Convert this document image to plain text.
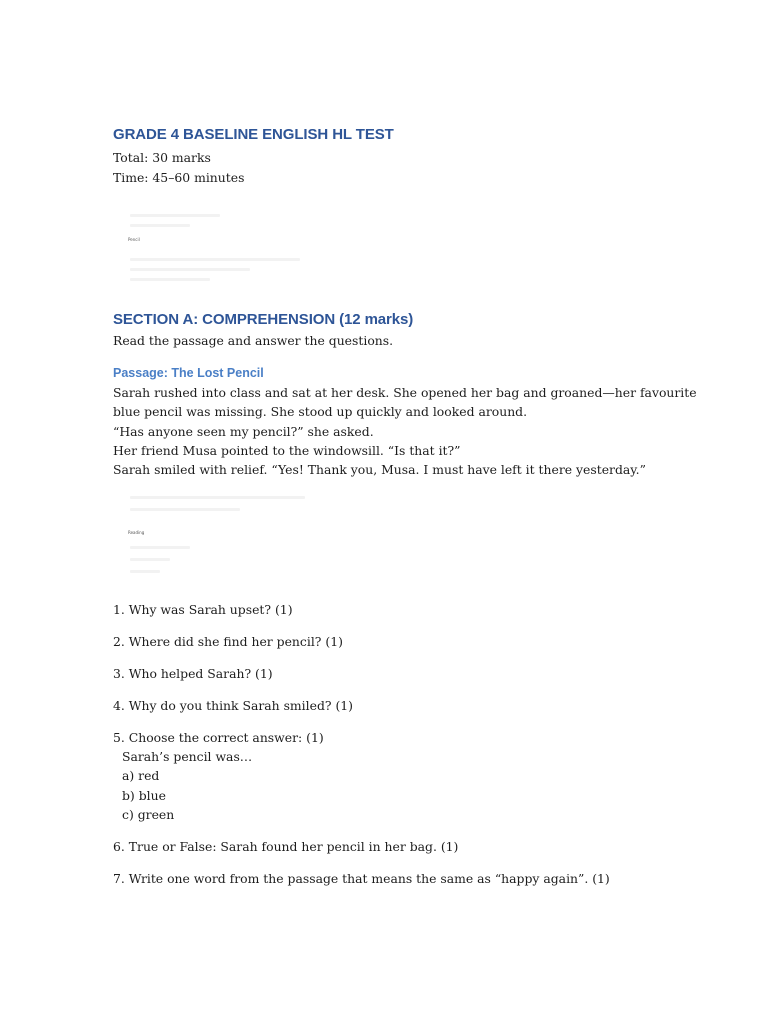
GRADE 4 BASELINE ENGLISH HL TEST
Total: 30 marks
Time: 45–60 minutes
Pencil
SECTION A: COMPREHENSION (12 marks)
Read the passage and answer the questions.
Passage: The Lost Pencil
Sarah rushed into class and sat at her desk. She opened her bag and groaned—her favourite
blue pencil was missing. She stood up quickly and looked around.
“Has anyone seen my pencil?” she asked.
Her friend Musa pointed to the windowsill. “Is that it?”
Sarah smiled with relief. “Yes! Thank you, Musa. I must have left it there yesterday.”
Reading
1. Why was Sarah upset? (1)
2. Where did she find her pencil? (1)
3. Who helped Sarah? (1)
4. Why do you think Sarah smiled? (1)
5. Choose the correct answer: (1)
Sarah’s pencil was…
a) red
b) blue
c) green
6. True or False: Sarah found her pencil in her bag. (1)
7. Write one word from the passage that means the same as “happy again”. (1)
